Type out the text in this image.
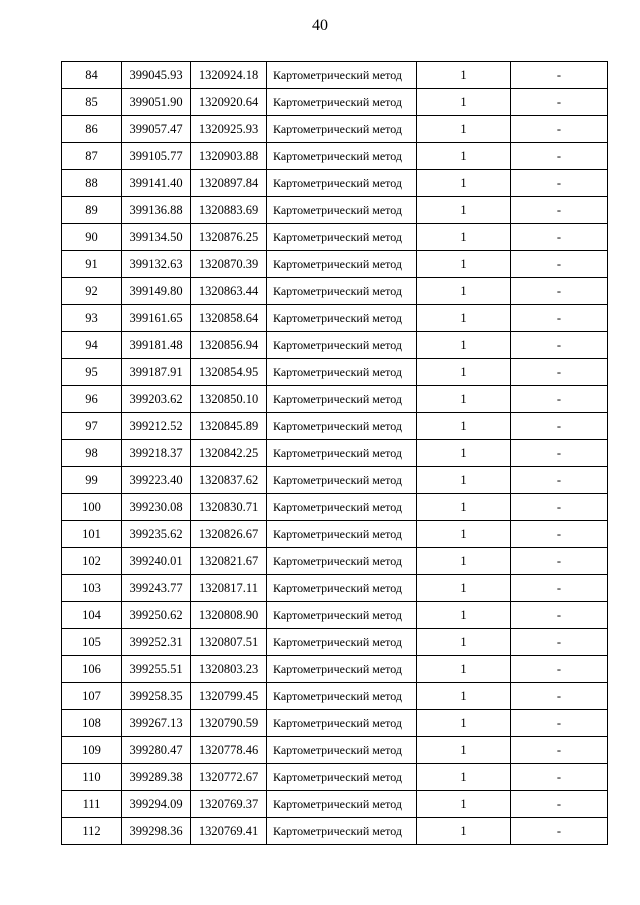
40
84	399045.93	1320924.18	Картометрический метод	1	-
85	399051.90	1320920.64	Картометрический метод	1	-
86	399057.47	1320925.93	Картометрический метод	1	-
87	399105.77	1320903.88	Картометрический метод	1	-
88	399141.40	1320897.84	Картометрический метод	1	-
89	399136.88	1320883.69	Картометрический метод	1	-
90	399134.50	1320876.25	Картометрический метод	1	-
91	399132.63	1320870.39	Картометрический метод	1	-
92	399149.80	1320863.44	Картометрический метод	1	-
93	399161.65	1320858.64	Картометрический метод	1	-
94	399181.48	1320856.94	Картометрический метод	1	-
95	399187.91	1320854.95	Картометрический метод	1	-
96	399203.62	1320850.10	Картометрический метод	1	-
97	399212.52	1320845.89	Картометрический метод	1	-
98	399218.37	1320842.25	Картометрический метод	1	-
99	399223.40	1320837.62	Картометрический метод	1	-
100	399230.08	1320830.71	Картометрический метод	1	-
101	399235.62	1320826.67	Картометрический метод	1	-
102	399240.01	1320821.67	Картометрический метод	1	-
103	399243.77	1320817.11	Картометрический метод	1	-
104	399250.62	1320808.90	Картометрический метод	1	-
105	399252.31	1320807.51	Картометрический метод	1	-
106	399255.51	1320803.23	Картометрический метод	1	-
107	399258.35	1320799.45	Картометрический метод	1	-
108	399267.13	1320790.59	Картометрический метод	1	-
109	399280.47	1320778.46	Картометрический метод	1	-
110	399289.38	1320772.67	Картометрический метод	1	-
111	399294.09	1320769.37	Картометрический метод	1	-
112	399298.36	1320769.41	Картометрический метод	1	-
